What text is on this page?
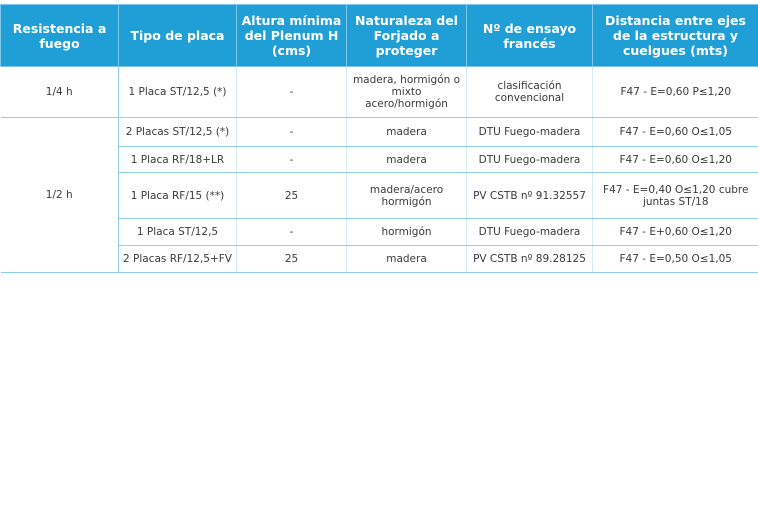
Resistencia a fuego	Tipo de placa	Altura mínima del Plenum H (cms)	Naturaleza del Forjado a proteger	Nº de ensayo francés	Distancia entre ejes de la estructura y cuelgues (mts)
1/4 h	1 Placa ST/12,5 (*)	-	madera, hormigón o mixto acero/hormigón	clasificación convencional	F47 - E=0,60 P≤1,20
1/2 h	2 Placas ST/12,5 (*)	-	madera	DTU Fuego-madera	F47 - E=0,60 O≤1,05
	1 Placa RF/18+LR	-	madera	DTU Fuego-madera	F47 - E=0,60 O≤1,20
	1 Placa RF/15 (**)	25	madera/acero hormigón	PV CSTB nº 91.32557	F47 - E=0,40 O≤1,20 cubre juntas ST/18
	1 Placa ST/12,5	-	hormigón	DTU Fuego-madera	F47 - E+0,60 O≤1,20
	2 Placas RF/12,5+FV	25	madera	PV CSTB nº 89.28125	F47 - E=0,50 O≤1,05
